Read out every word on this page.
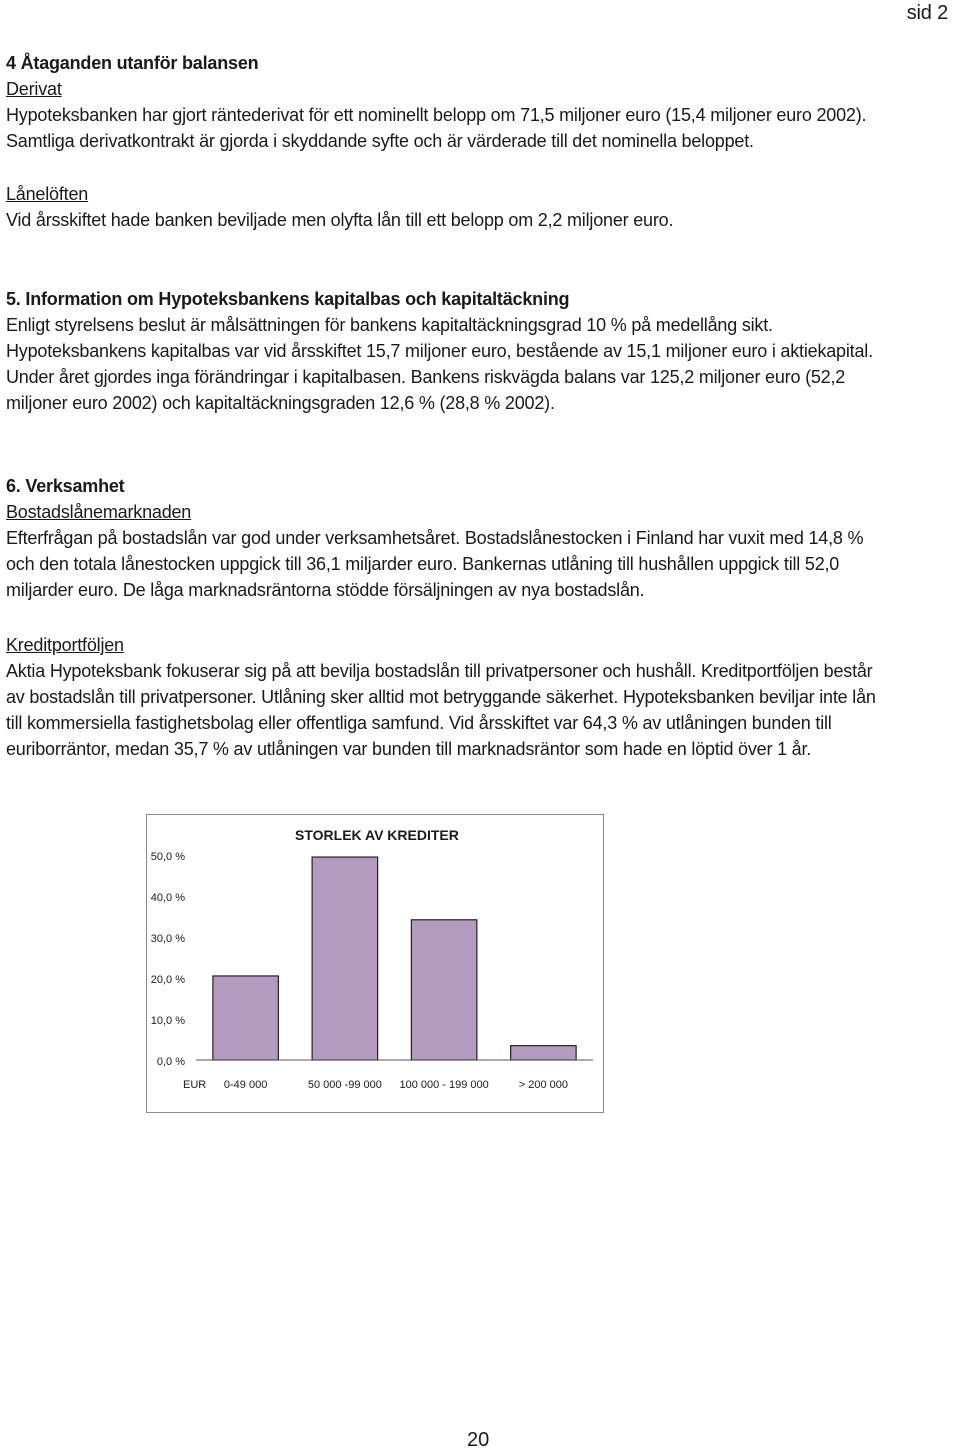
sid 2
4 Åtaganden utanför balansen
Derivat
Hypoteksbanken har gjort räntederivat för ett nominellt belopp om 71,5 miljoner euro (15,4 miljoner euro 2002).
Samtliga derivatkontrakt är gjorda i skyddande syfte och är värderade till det nominella beloppet.
Lånelöften
Vid årsskiftet hade banken beviljade men olyfta lån till ett belopp om 2,2 miljoner euro.
5. Information om Hypoteksbankens kapitalbas och kapitaltäckning
Enligt styrelsens beslut är målsättningen för bankens kapitaltäckningsgrad 10 % på medellång sikt.
Hypoteksbankens kapitalbas var vid årsskiftet 15,7 miljoner euro, bestående av 15,1 miljoner euro i aktiekapital.
Under året gjordes inga förändringar i kapitalbasen. Bankens riskvägda balans var 125,2 miljoner euro (52,2
miljoner euro 2002) och kapitaltäckningsgraden 12,6 % (28,8 % 2002).
6. Verksamhet
Bostadslånemarknaden
Efterfrågan på bostadslån var god under verksamhetsåret. Bostadslånestocken i Finland har vuxit med 14,8 %
och den totala lånestocken uppgick till 36,1 miljarder euro. Bankernas utlåning till hushållen uppgick till 52,0
miljarder euro. De låga marknadsräntorna stödde försäljningen av nya bostadslån.
Kreditportföljen
Aktia Hypoteksbank fokuserar sig på att bevilja bostadslån till privatpersoner och hushåll. Kreditportföljen består
av bostadslån till privatpersoner. Utlåning sker alltid mot betryggande säkerhet. Hypoteksbanken beviljar inte lån
till kommersiella fastighetsbolag eller offentliga samfund. Vid årsskiftet var 64,3 % av utlåningen bunden till
euriborräntor, medan 35,7 % av utlåningen var bunden till marknadsräntor som hade en löptid över 1 år.
STORLEK AV KREDITER
0,0 %
10,0 %
20,0 %
30,0 %
40,0 %
50,0 %
EUR 0-49 000	50 000 -99 000 100 000 - 199 000	> 200 000
20
